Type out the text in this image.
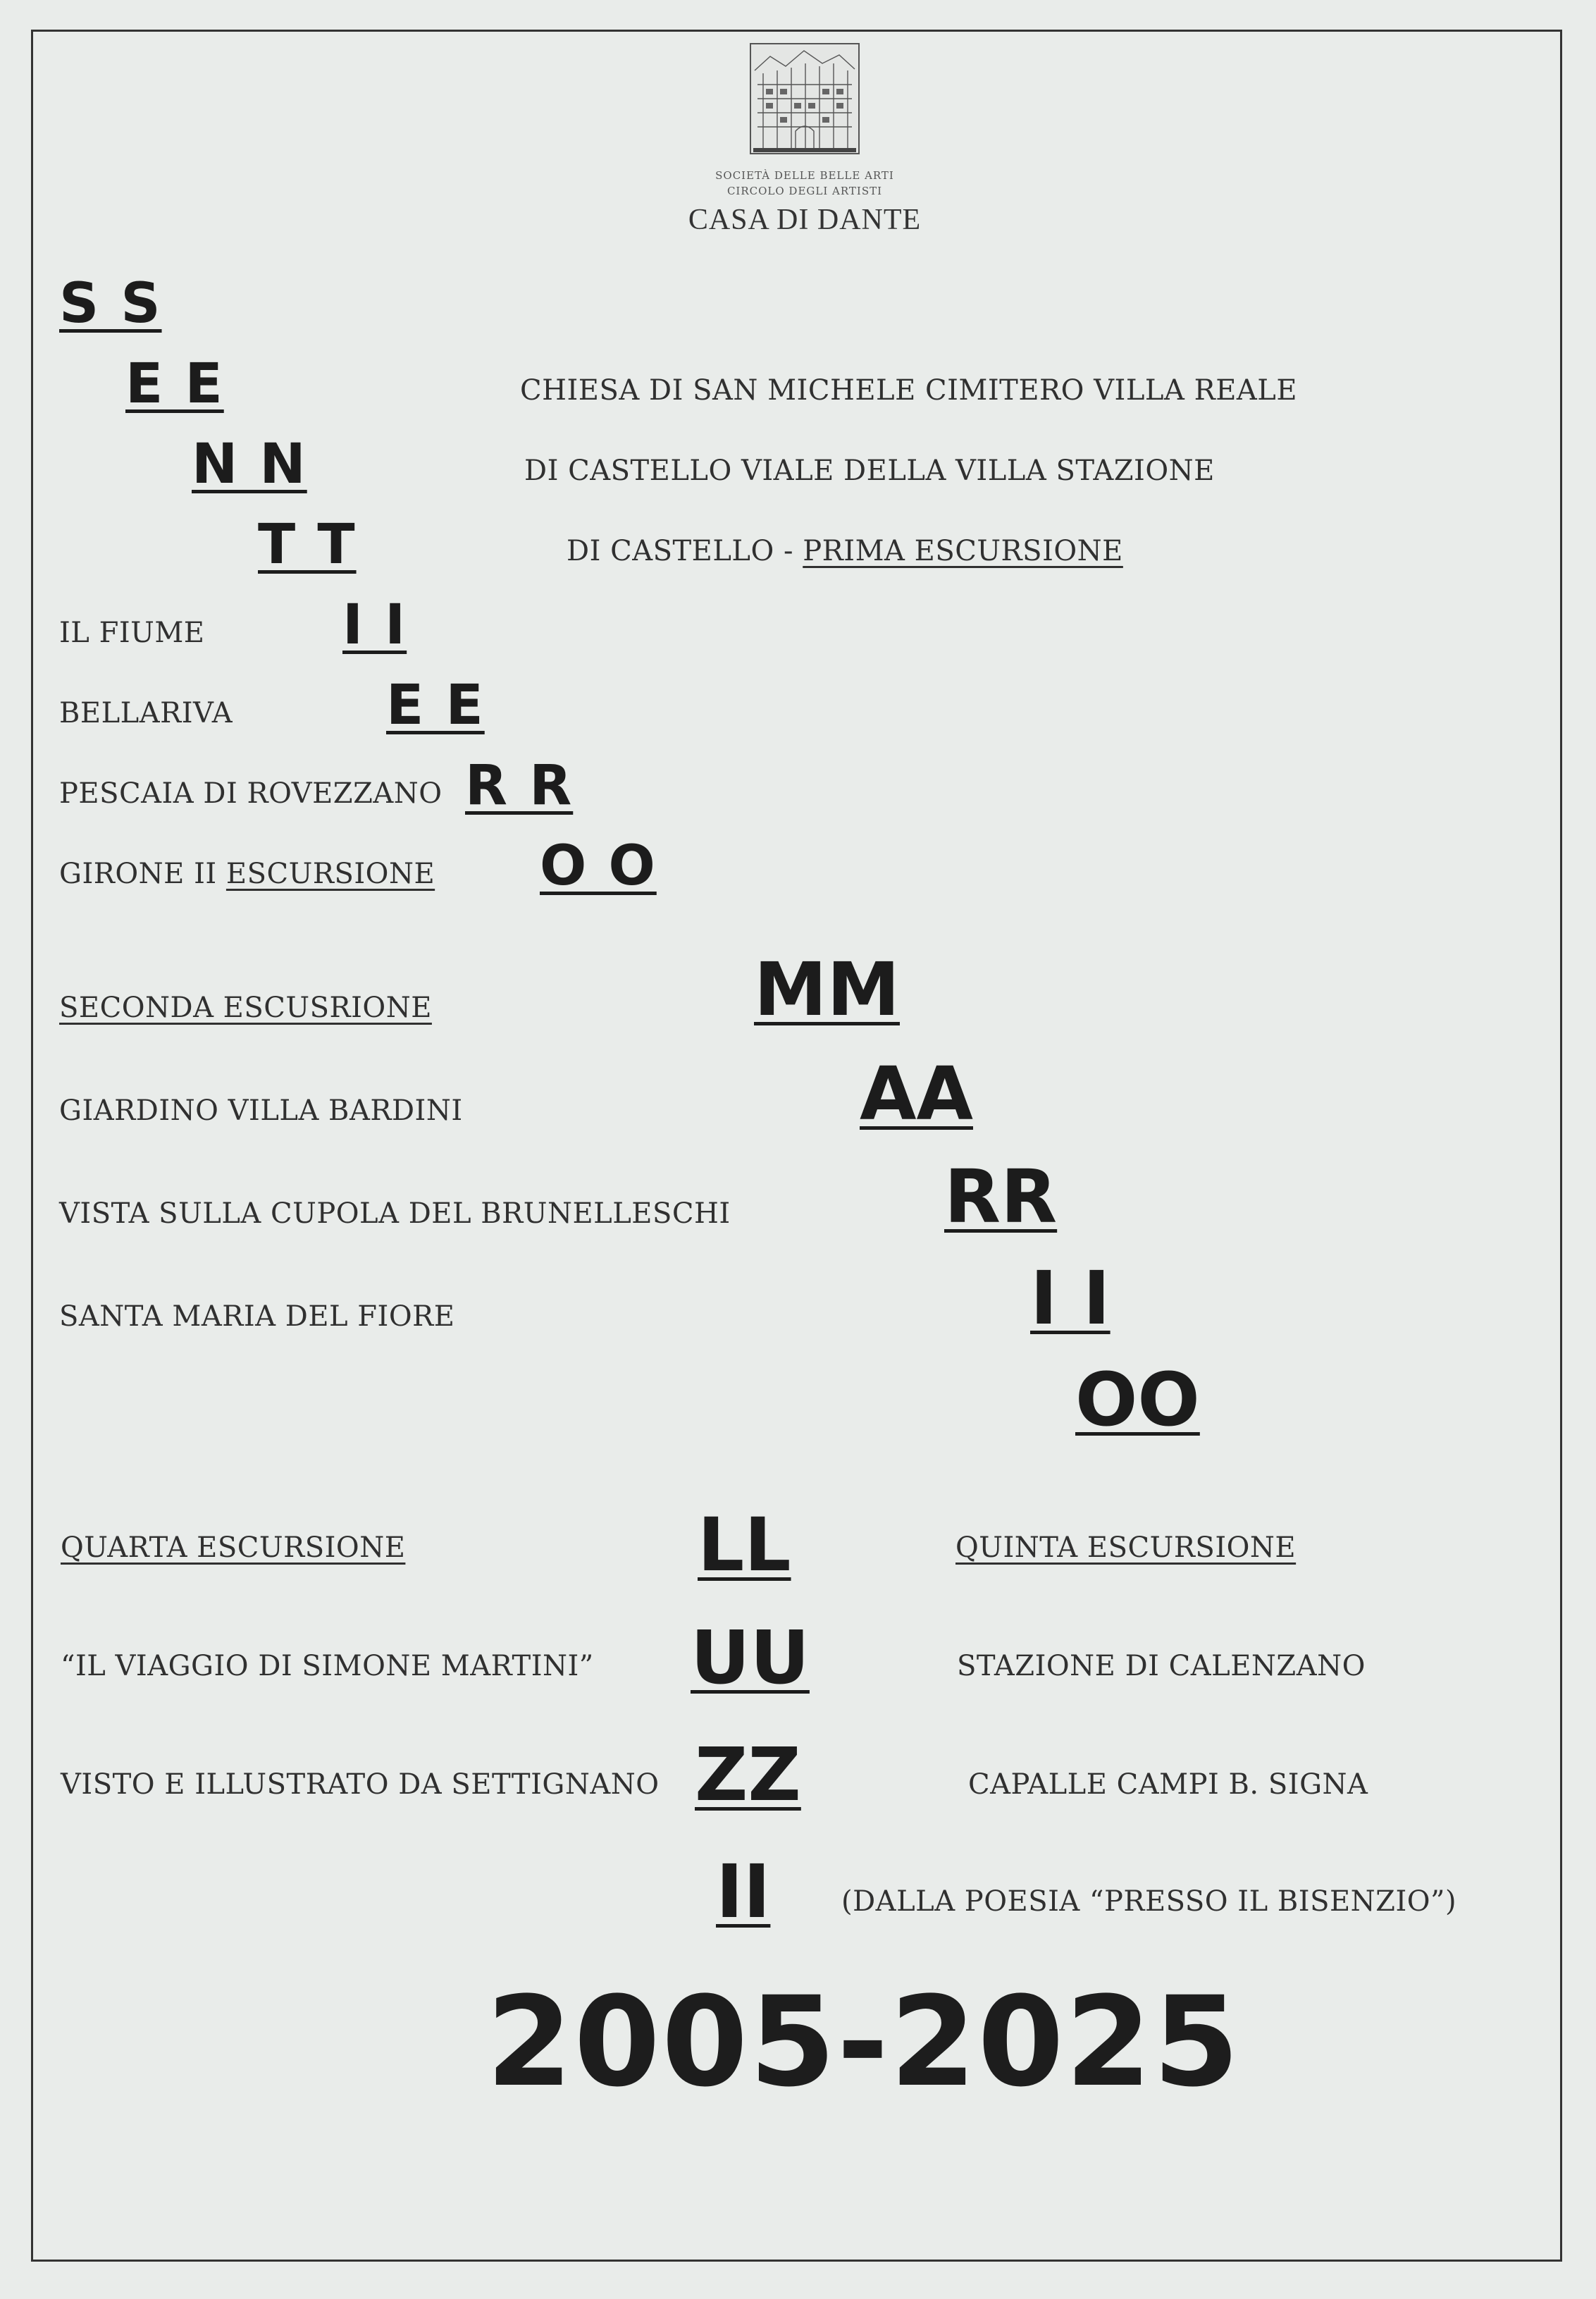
SOCIETÀ DELLE BELLE ARTI
CIRCOLO DEGLI ARTISTI
CASA DI DANTE
S S
E E
N N
T T
I I
E E
R R
O O
MM
AA
RR
I I
OO
LL
UU
ZZ
II
CHIESA DI SAN MICHELE CIMITERO VILLA REALE
DI CASTELLO VIALE DELLA VILLA STAZIONE
DI CASTELLO - PRIMA ESCURSIONE
IL FIUME
BELLARIVA
PESCAIA DI ROVEZZANO
GIRONE II ESCURSIONE
SECONDA ESCUSRIONE
GIARDINO VILLA BARDINI
VISTA SULLA CUPOLA DEL BRUNELLESCHI
SANTA MARIA DEL FIORE
QUARTA ESCURSIONE
“IL VIAGGIO DI SIMONE MARTINI”
VISTO E ILLUSTRATO DA SETTIGNANO
QUINTA ESCURSIONE
STAZIONE DI CALENZANO
CAPALLE CAMPI B. SIGNA
(DALLA POESIA “PRESSO IL BISENZIO”)
2005-2025
